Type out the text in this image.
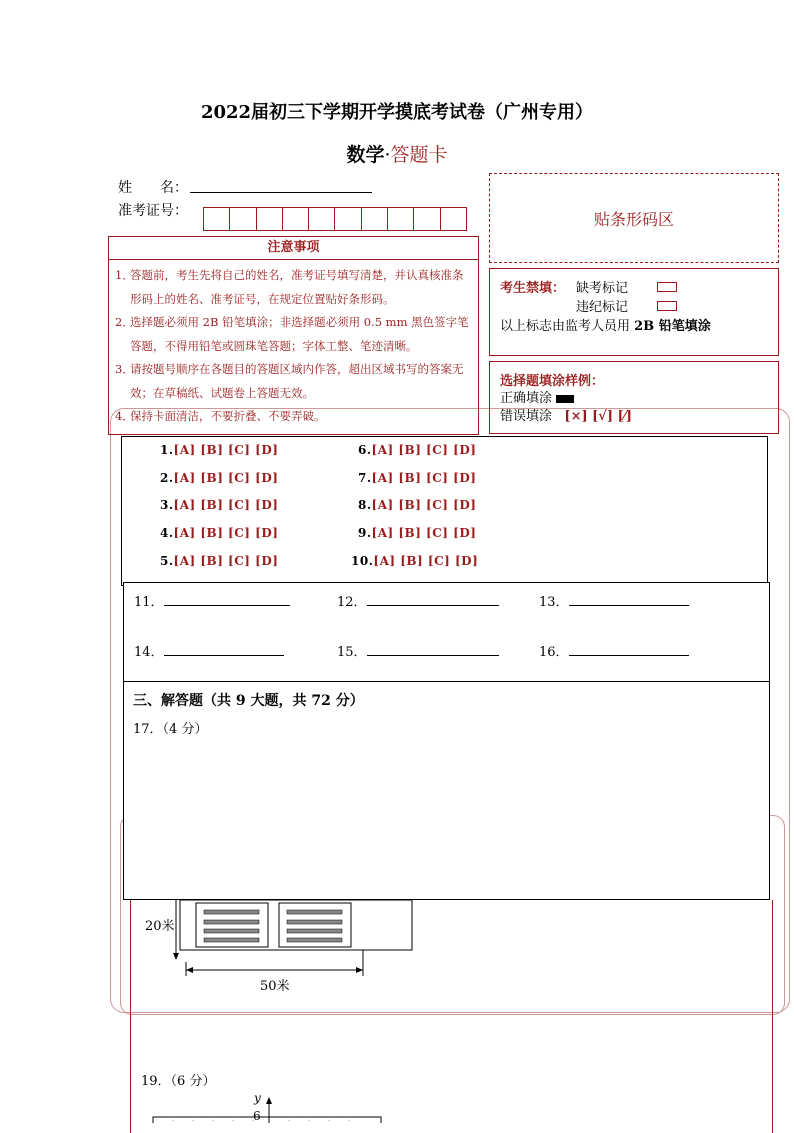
2022届初三下学期开学摸底考试卷（广州专用）
数学·答题卡
姓　　名：
准考证号：	贴条形码区
注意事项
1．答题前，考生先将自己的姓名，准考证号填写清楚，并认真核准条形码上的姓名、准考证号，在规定位置贴好条形码。
2．选择题必须用 2B 铅笔填涂；非选择题必须用 0.5 mm 黑色签字笔答题，不得用铅笔或圆珠笔答题；字体工整、笔迹清晰。
3．请按题号顺序在各题目的答题区域内作答，超出区域书写的答案无效；在草稿纸、试题卷上答题无效。
4．保持卡面清洁，不要折叠、不要弄破。
考生禁填： 缺考标记
违纪标记
以上标志由监考人员用 2B 铅笔填涂
选择题填涂样例：
正确填涂
错误填涂 [×] [√] [⁄]
1.[A] [B] [C] [D]
2.[A] [B] [C] [D]
3.[A] [B] [C] [D]
4.[A] [B] [C] [D]
5.[A] [B] [C] [D]
6.[A] [B] [C] [D]
7.[A] [B] [C] [D]
8.[A] [B] [C] [D]
9.[A] [B] [C] [D]
10.[A] [B] [C] [D]
11．	12．	13．
14．	15．	16．
三、解答题（共 9 大题，共 72 分）
17．（4 分）
20米
50米
19．（6 分）
y
6
